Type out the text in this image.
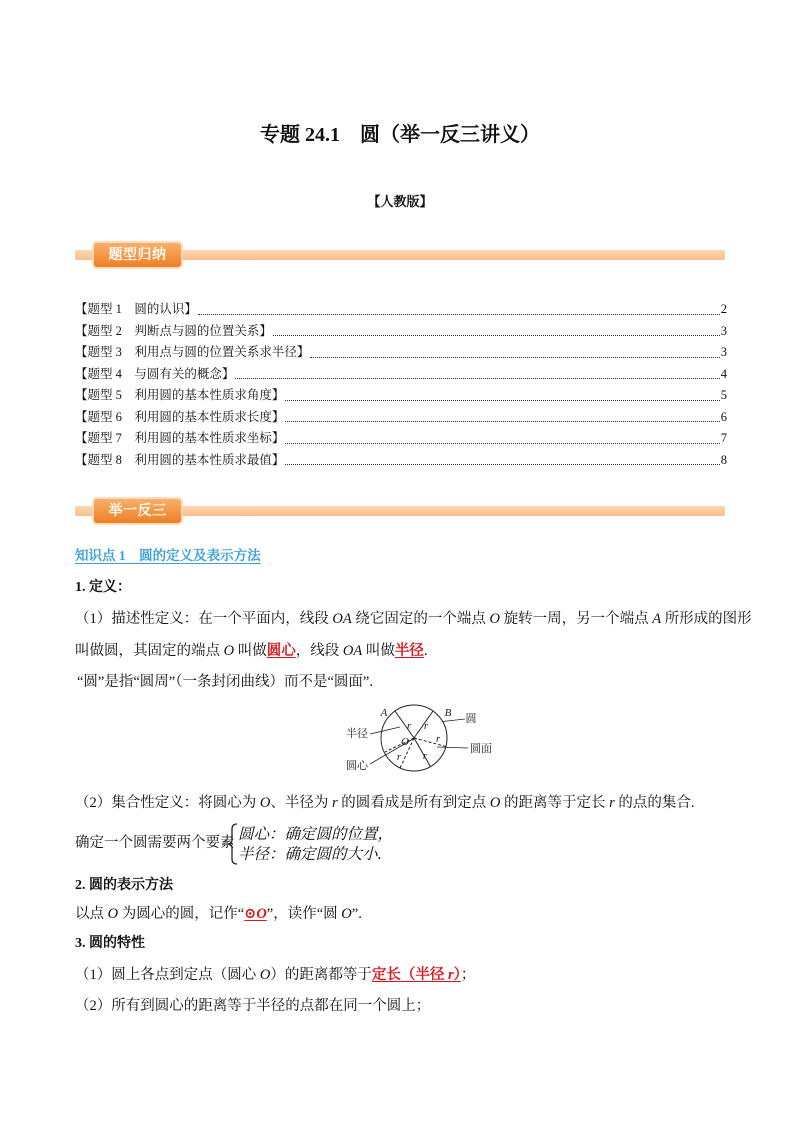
专题 24.1　圆（举一反三讲义）
【人教版】
题型归纳
【题型 1　圆的认识】	2
【题型 2　判断点与圆的位置关系】	3
【题型 3　利用点与圆的位置关系求半径】	3
【题型 4　与圆有关的概念】	4
【题型 5　利用圆的基本性质求角度】	5
【题型 6　利用圆的基本性质求长度】	6
【题型 7　利用圆的基本性质求坐标】	7
【题型 8　利用圆的基本性质求最值】	8
举一反三
知识点 1　圆的定义及表示方法
1. 定义：
（1）描述性定义：在一个平面内，线段 OA 绕它固定的一个端点 O 旋转一周，另一个端点 A 所形成的图形
叫做圆，其固定的端点 O 叫做圆心，线段 OA 叫做半径.
“圆”是指“圆周”（一条封闭曲线）而不是“圆面”.
A	B
O
r r
r
r r
半径
圆心
圆
圆面
（2）集合性定义：将圆心为 O、半径为 r 的圆看成是所有到定点 O 的距离等于定长 r 的点的集合.
确定一个圆需要两个要素 圆心：确定圆的位置，
半径：确定圆的大小.
2. 圆的表示方法
以点 O 为圆心的圆，记作“⊙O”，读作“圆 O”.
3. 圆的特性
（1）圆上各点到定点（圆心 O）的距离都等于定长（半径 r）；
（2）所有到圆心的距离等于半径的点都在同一个圆上；
